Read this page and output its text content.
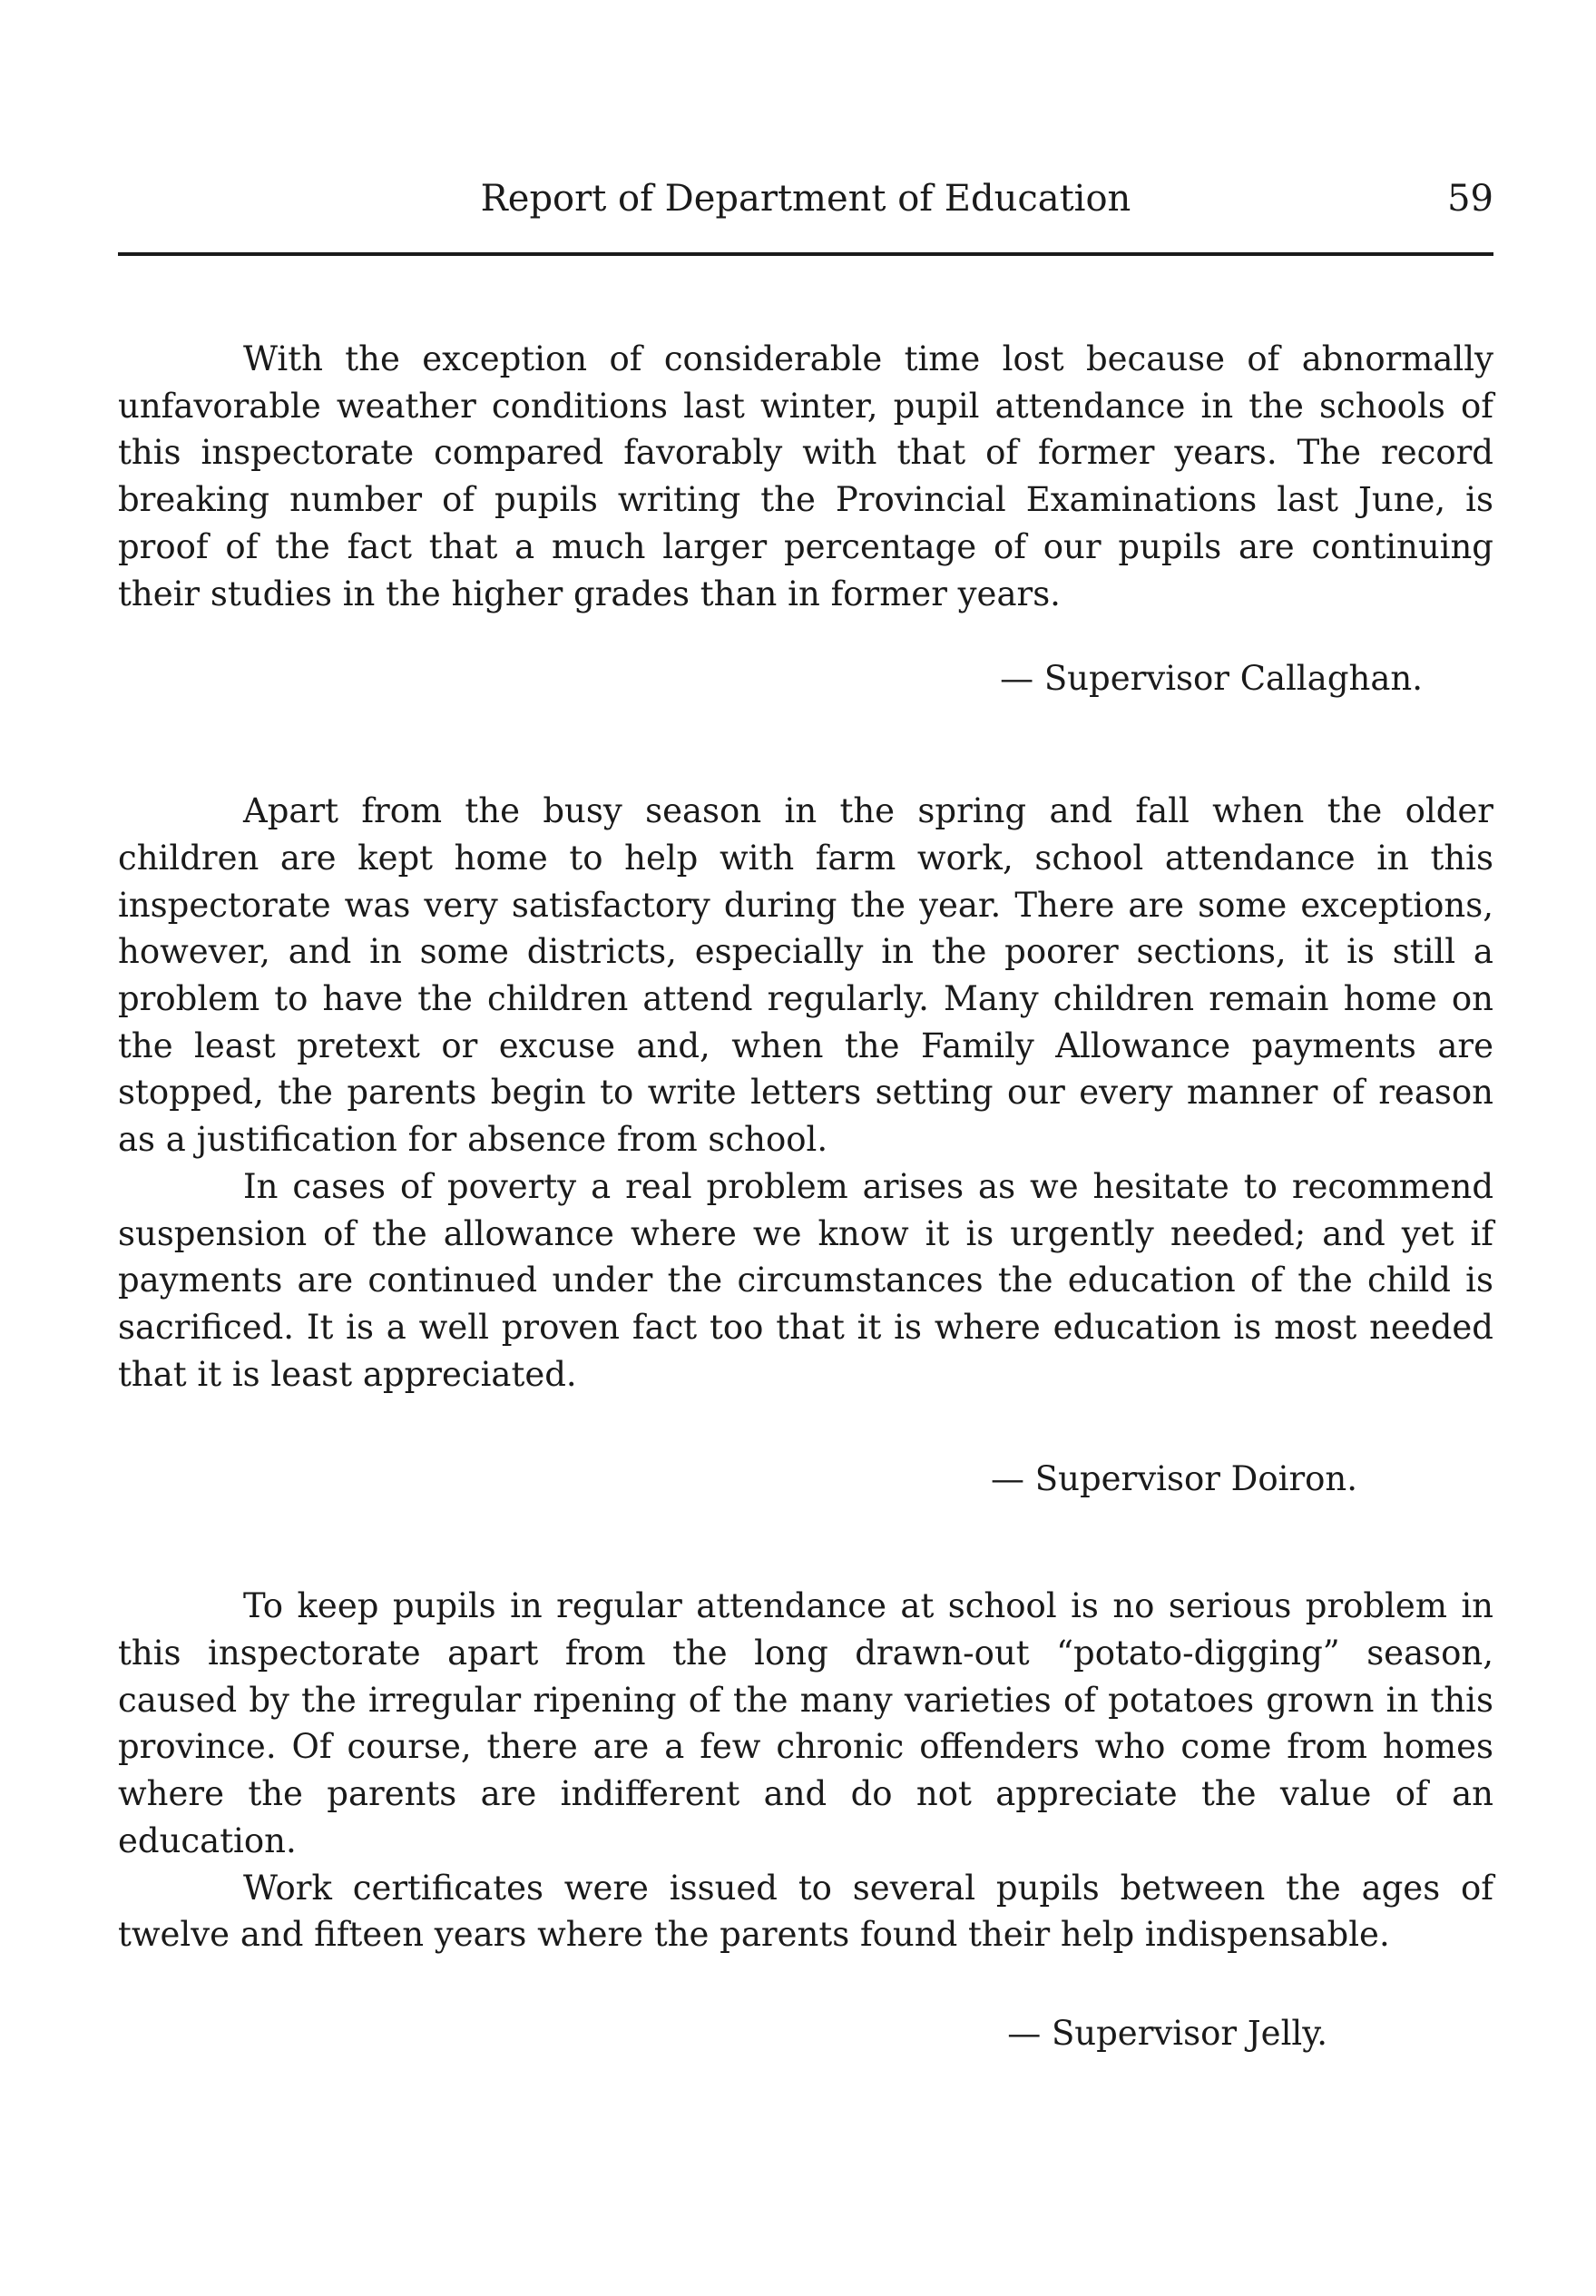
Report of Department of Education	59

With the exception of considerable time lost because of abnormally unfavorable weather conditions last winter, pupil attendance in the schools of this inspectorate compared favorably with that of former years. The record breaking number of pupils writing the Provincial Examinations last June, is proof of the fact that a much larger percentage of our pupils are continuing their studies in the higher grades than in former years.

— Supervisor Callaghan.

Apart from the busy season in the spring and fall when the older children are kept home to help with farm work, school attendance in this inspectorate was very satisfactory during the year. There are some exceptions, however, and in some districts, especially in the poorer sections, it is still a problem to have the children attend regularly. Many children remain home on the least pretext or excuse and, when the Family Allowance payments are stopped, the parents begin to write letters setting our every manner of reason as a justification for absence from school.

In cases of poverty a real problem arises as we hesitate to recommend suspension of the allowance where we know it is urgently needed; and yet if payments are continued under the circumstances the education of the child is sacrificed. It is a well proven fact too that it is where education is most needed that it is least appreciated.

— Supervisor Doiron.

To keep pupils in regular attendance at school is no serious problem in this inspectorate apart from the long drawn-out “potato-digging” season, caused by the irregular ripening of the many varieties of potatoes grown in this province. Of course, there are a few chronic offenders who come from homes where the parents are indifferent and do not appreciate the value of an education.

Work certificates were issued to several pupils between the ages of twelve and fifteen years where the parents found their help indispensable.

— Supervisor Jelly.
